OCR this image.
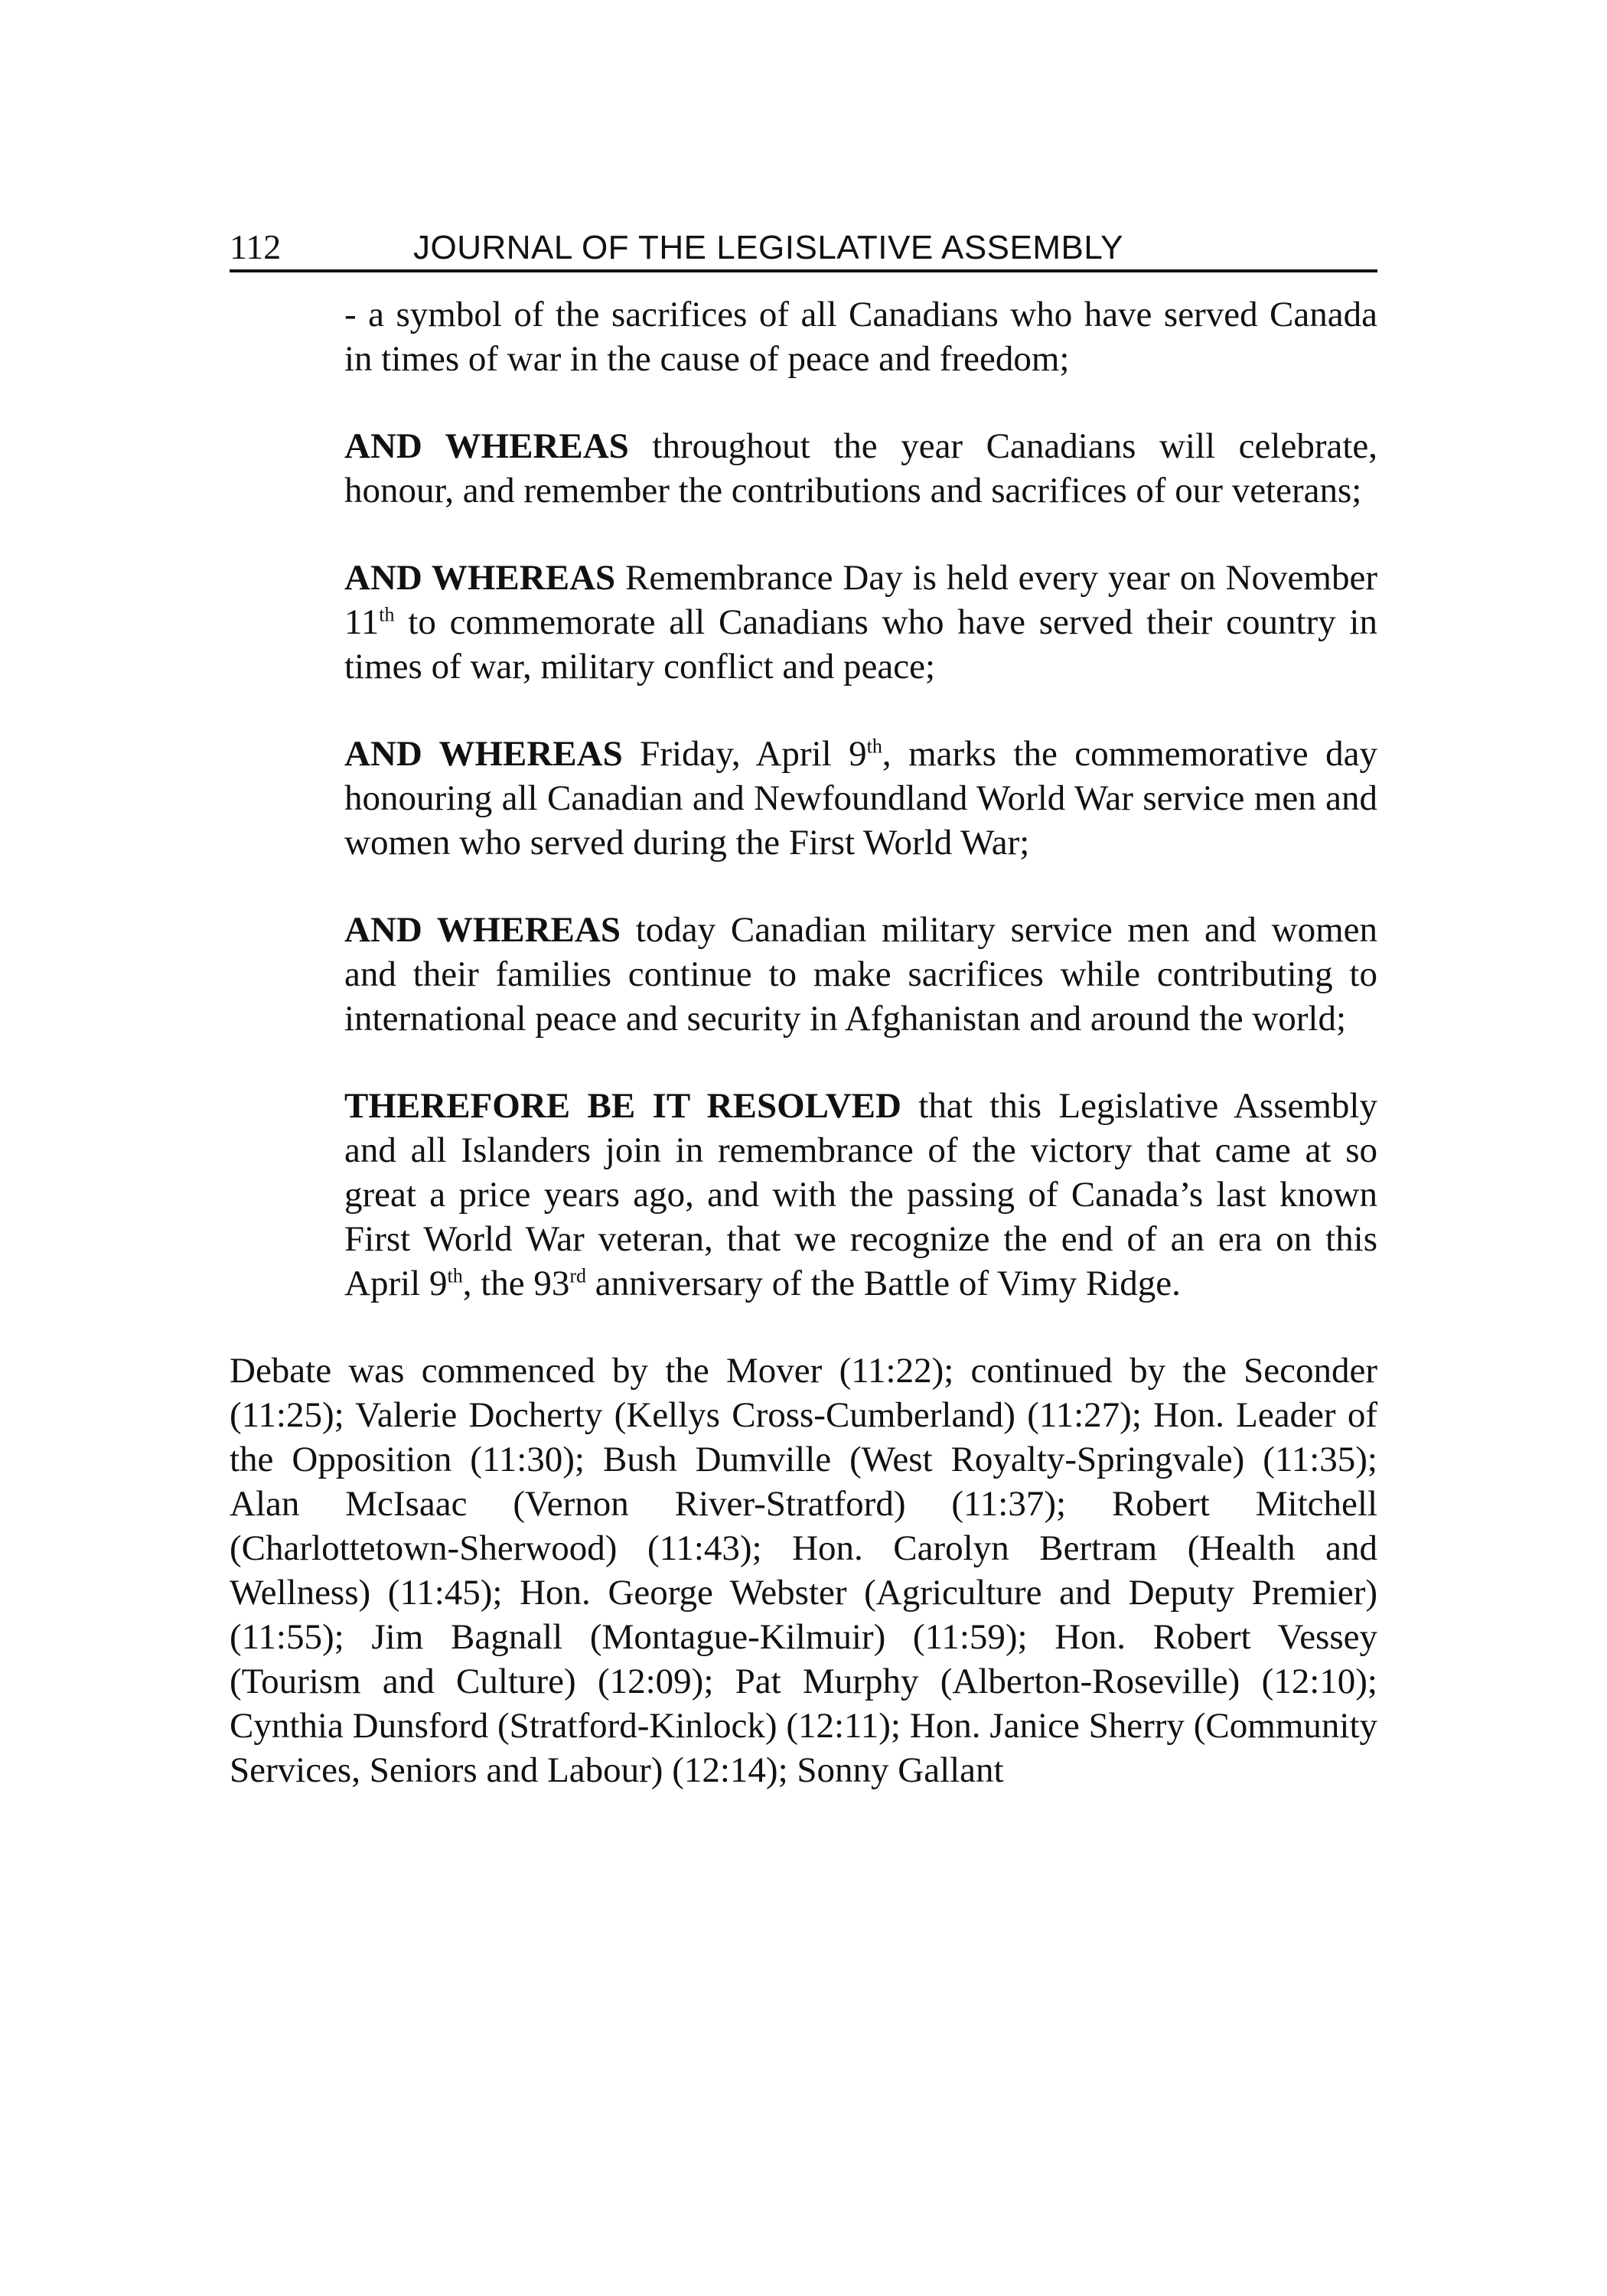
112	JOURNAL OF THE LEGISLATIVE ASSEMBLY

- a symbol of the sacrifices of all Canadians who have served Canada in times of war in the cause of peace and freedom;

AND WHEREAS throughout the year Canadians will celebrate, honour, and remember the contributions and sacrifices of our veterans;

AND WHEREAS Remembrance Day is held every year on November 11th to commemorate all Canadians who have served their country in times of war, military conflict and peace;

AND WHEREAS Friday, April 9th, marks the commemorative day honouring all Canadian and Newfoundland World War service men and women who served during the First World War;

AND WHEREAS today Canadian military service men and women and their families continue to make sacrifices while contributing to international peace and security in Afghanistan and around the world;

THEREFORE BE IT RESOLVED that this Legislative Assembly and all Islanders join in remembrance of the victory that came at so great a price years ago, and with the passing of Canada’s last known First World War veteran, that we recognize the end of an era on this April 9th, the 93rd anniversary of the Battle of Vimy Ridge.

Debate was commenced by the Mover (11:22); continued by the Seconder (11:25); Valerie Docherty (Kellys Cross-Cumberland) (11:27); Hon. Leader of the Opposition (11:30); Bush Dumville (West Royalty-Springvale) (11:35); Alan McIsaac (Vernon River-Stratford) (11:37); Robert Mitchell (Charlottetown-Sherwood) (11:43); Hon. Carolyn Bertram (Health and Wellness) (11:45); Hon. George Webster (Agriculture and Deputy Premier) (11:55); Jim Bagnall (Montague-Kilmuir) (11:59); Hon. Robert Vessey (Tourism and Culture) (12:09); Pat Murphy (Alberton-Roseville) (12:10); Cynthia Dunsford (Stratford-Kinlock) (12:11); Hon. Janice Sherry (Community Services, Seniors and Labour) (12:14); Sonny Gallant
